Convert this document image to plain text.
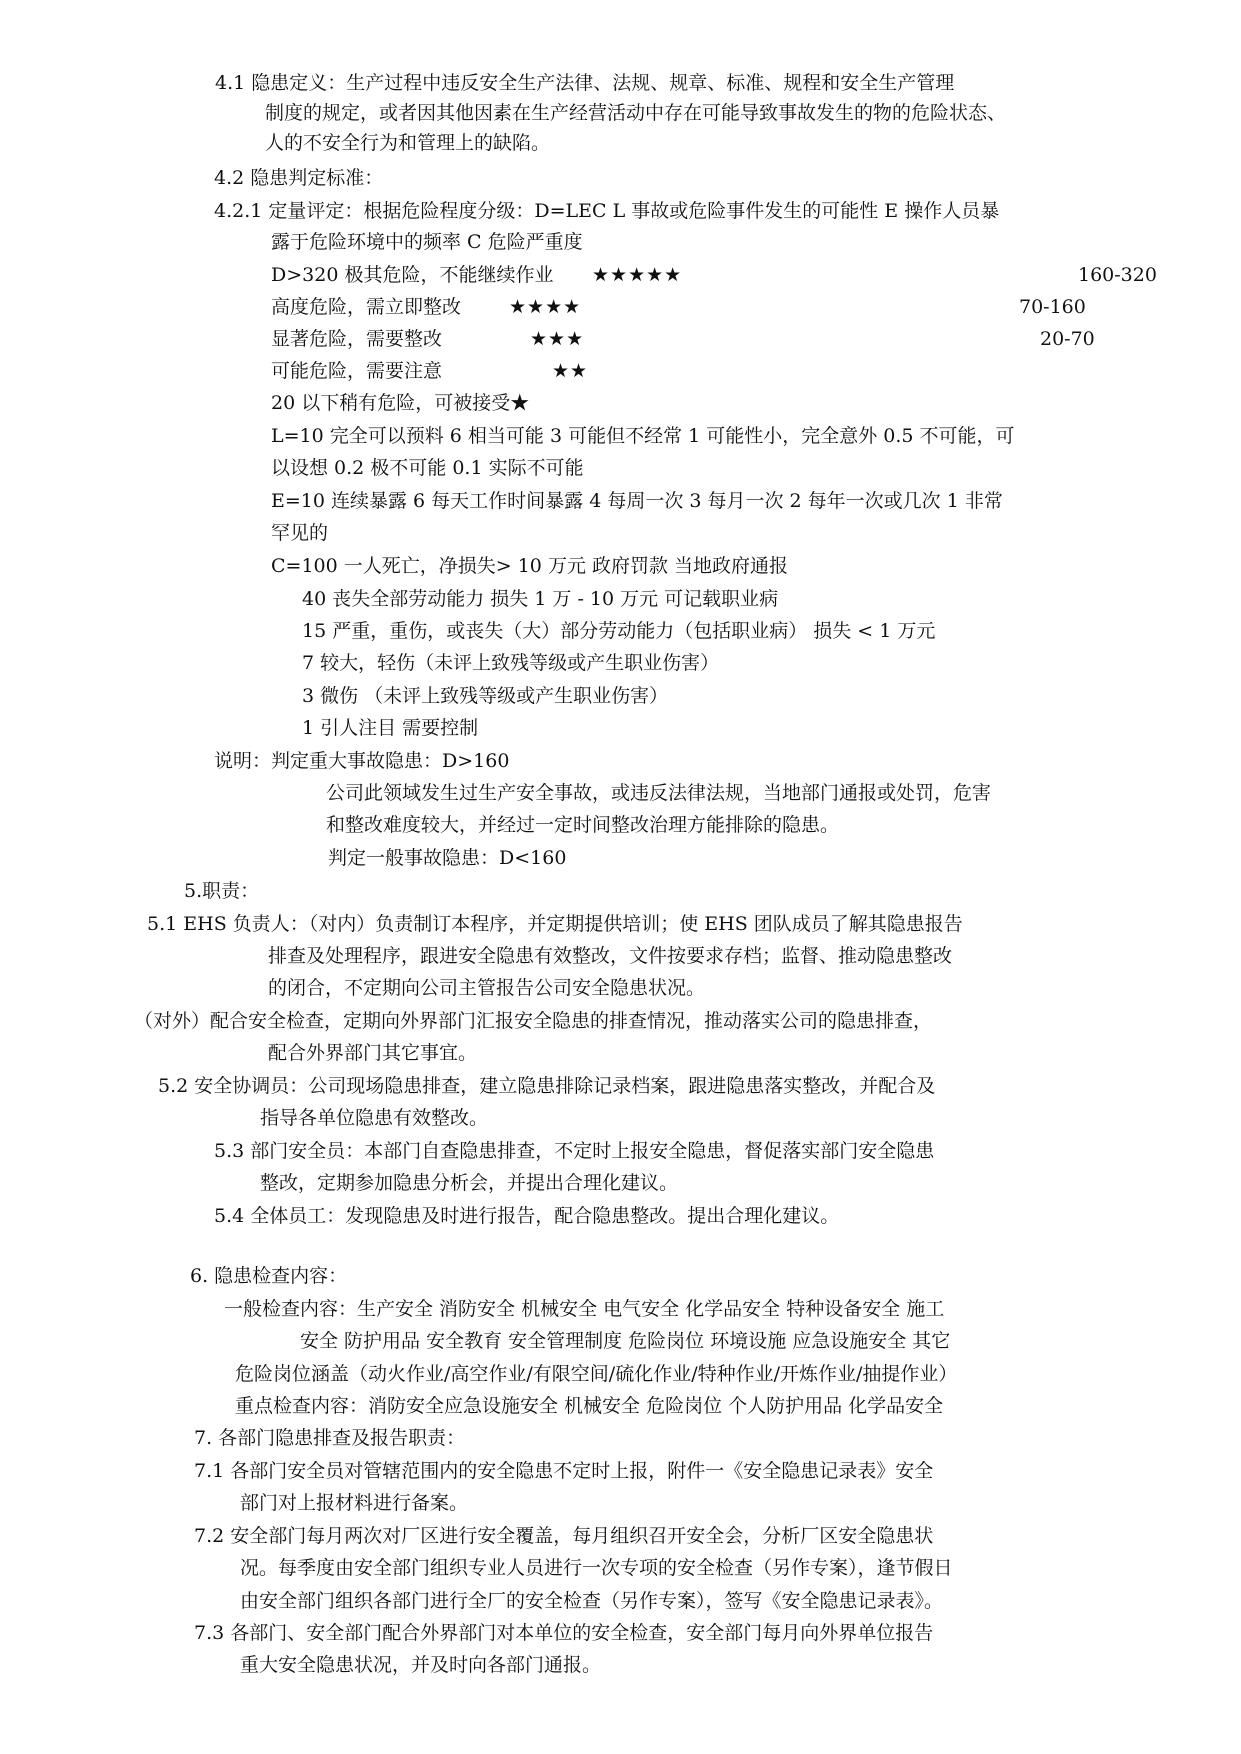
4.1 隐患定义：生产过程中违反安全生产法律、法规、规章、标准、规程和安全生产管理
制度的规定，或者因其他因素在生产经营活动中存在可能导致事故发生的物的危险状态、
人的不安全行为和管理上的缺陷。
4.2 隐患判定标准：
4.2.1 定量评定：根据危险程度分级：D=LEC L 事故或危险事件发生的可能性 E 操作人员暴
露于危险环境中的频率 C 危险严重度
D>320 极其危险，不能继续作业 ★★★★★	160-320
高度危险，需立即整改	★★★★	70-160
显著危险，需要整改	★★★	20-70
可能危险，需要注意	★★
20 以下稍有危险，可被接受★
L=10 完全可以预料 6 相当可能 3 可能但不经常 1 可能性小，完全意外 0.5 不可能，可
以设想 0.2 极不可能 0.1 实际不可能
E=10 连续暴露 6 每天工作时间暴露 4 每周一次 3 每月一次 2 每年一次或几次 1 非常
罕见的
C=100 一人死亡，净损失> 10 万元 政府罚款 当地政府通报
40 丧失全部劳动能力 损失 1 万 - 10 万元 可记载职业病
15 严重，重伤，或丧失（大）部分劳动能力（包括职业病） 损失 < 1 万元
7 较大，轻伤（未评上致残等级或产生职业伤害）
3 微伤 （未评上致残等级或产生职业伤害）
1 引人注目 需要控制
说明：判定重大事故隐患：D>160
公司此领域发生过生产安全事故，或违反法律法规，当地部门通报或处罚，危害
和整改难度较大，并经过一定时间整改治理方能排除的隐患。
判定一般事故隐患：D<160
5.职责：
5.1 EHS 负责人：（对内）负责制订本程序，并定期提供培训；使 EHS 团队成员了解其隐患报告
排查及处理程序，跟进安全隐患有效整改，文件按要求存档；监督、推动隐患整改
的闭合，不定期向公司主管报告公司安全隐患状况。
（对外）配合安全检查，定期向外界部门汇报安全隐患的排查情况，推动落实公司的隐患排查，
配合外界部门其它事宜。
5.2 安全协调员：公司现场隐患排查，建立隐患排除记录档案，跟进隐患落实整改，并配合及
指导各单位隐患有效整改。
5.3 部门安全员：本部门自查隐患排查，不定时上报安全隐患，督促落实部门安全隐患
整改，定期参加隐患分析会，并提出合理化建议。
5.4 全体员工：发现隐患及时进行报告，配合隐患整改。提出合理化建议。
6. 隐患检查内容：
一般检查内容：生产安全 消防安全 机械安全 电气安全 化学品安全 特种设备安全 施工
安全 防护用品 安全教育 安全管理制度 危险岗位 环境设施 应急设施安全 其它
危险岗位涵盖（动火作业/高空作业/有限空间/硫化作业/特种作业/开炼作业/抽提作业）
重点检查内容：消防安全应急设施安全 机械安全 危险岗位 个人防护用品 化学品安全
7. 各部门隐患排查及报告职责：
7.1 各部门安全员对管辖范围内的安全隐患不定时上报，附件一《安全隐患记录表》安全
部门对上报材料进行备案。
7.2 安全部门每月两次对厂区进行安全覆盖，每月组织召开安全会，分析厂区安全隐患状
况。每季度由安全部门组织专业人员进行一次专项的安全检查（另作专案），逢节假日
由安全部门组织各部门进行全厂的安全检查（另作专案），签写《安全隐患记录表》。
7.3 各部门、安全部门配合外界部门对本单位的安全检查，安全部门每月向外界单位报告
重大安全隐患状况，并及时向各部门通报。
